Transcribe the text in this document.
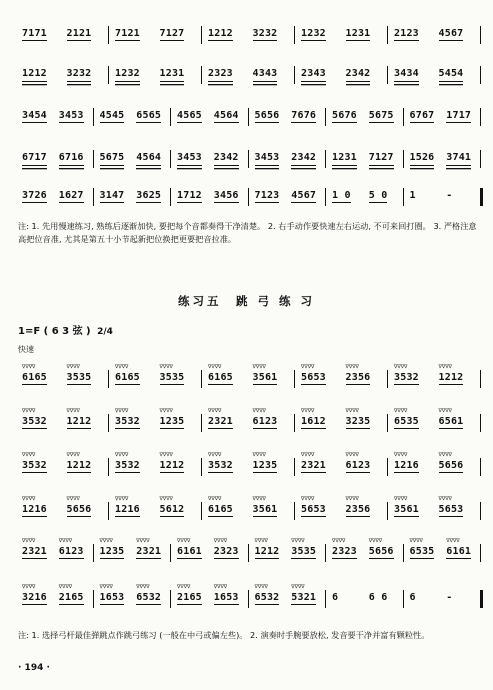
7171 2121 7121 7127 1212 3232 1232 1231 2123 4567
1212 3232 1232 1231 2323 4343 2343 2342 3434 5454
3454 3453 4545 6565 4565 4564 5656 7676 5676 5675 6767 1717
6717 6716 5675 4564 3453 2342 3453 2342 1231 7127 1526 3741
3726 1627 3147 3625 1712 3456 7123 4567 1 0 5 0 1	-
注: 1. 先用慢速练习, 熟练后逐渐加快, 要把每个音都奏得干净清楚。 2. 右手动作要快速左右运动, 不可来回打圈。 3. 严格注意高把位音准, 尤其是第五十小节起新把位换把更要把音拉准。
练习五　跳 弓 练 习
1=F ( 6 3 弦 ) 2/4
快速
6165
∇∇∇∇
3535
∇∇∇∇
6165
∇∇∇∇
3535
∇∇∇∇
6165
∇∇∇∇
3561
∇∇∇∇
5653
∇∇∇∇
2356
∇∇∇∇
3532
∇∇∇∇
1212
∇∇∇∇
3532
∇∇∇∇
1212
∇∇∇∇
3532
∇∇∇∇
1235
∇∇∇∇
2321
∇∇∇∇
6123
∇∇∇∇
1612
∇∇∇∇
3235
∇∇∇∇
6535
∇∇∇∇
6561
∇∇∇∇
3532
∇∇∇∇
1212
∇∇∇∇
3532
∇∇∇∇
1212
∇∇∇∇
3532
∇∇∇∇
1235
∇∇∇∇
2321
∇∇∇∇
6123
∇∇∇∇
1216
∇∇∇∇
5656
∇∇∇∇
1216
∇∇∇∇
5656
∇∇∇∇
1216
∇∇∇∇
5612
∇∇∇∇
6165
∇∇∇∇
3561
∇∇∇∇
5653
∇∇∇∇
2356
∇∇∇∇
3561
∇∇∇∇
5653
∇∇∇∇
2321
∇∇∇∇
6123
∇∇∇∇
1235
∇∇∇∇
2321
∇∇∇∇
6161
∇∇∇∇
2323
∇∇∇∇
1212
∇∇∇∇
3535
∇∇∇∇
2323
∇∇∇∇
5656
∇∇∇∇
6535
∇∇∇∇
6161
∇∇∇∇
3216
∇∇∇∇
2165
∇∇∇∇
1653
∇∇∇∇
6532
∇∇∇∇
2165
∇∇∇∇
1653
∇∇∇∇
6532
∇∇∇∇
5321
∇∇∇∇
6	6 6 6	-
注: 1. 选择弓杆最佳弹跳点作跳弓练习 (一般在中弓或偏左些)。 2. 演奏时手腕要放松, 发音要干净并富有颗粒性。
· 194 ·
